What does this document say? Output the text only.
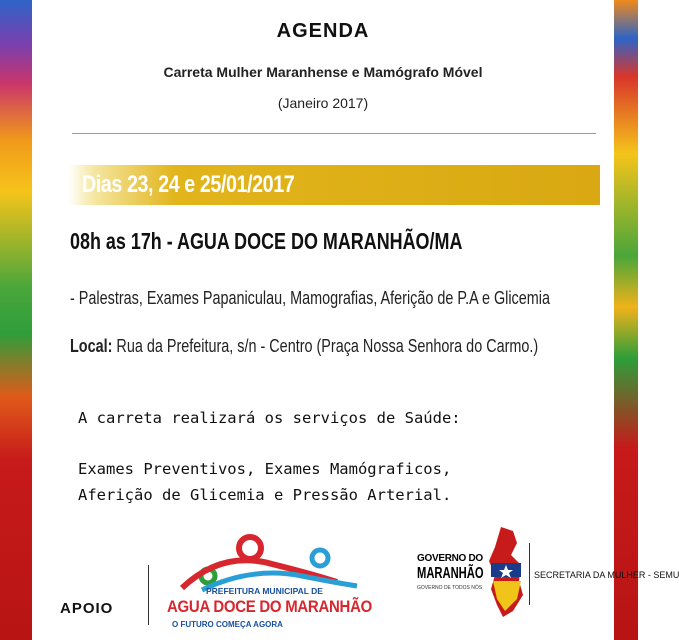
AGENDA
Carreta Mulher Maranhense e Mamógrafo Móvel
(Janeiro 2017)
Dias 23, 24 e 25/01/2017
08h as 17h - AGUA DOCE DO MARANHÃO/MA
- Palestras, Exames Papaniculau, Mamografias, Aferição de P.A e Glicemia
Local: Rua da Prefeitura, s/n - Centro (Praça Nossa Senhora do Carmo.)
A carreta realizará os serviços de Saúde:
Exames Preventivos, Exames Mamógraficos,
Aferição de Glicemia e Pressão Arterial.
APOIO
PREFEITURA MUNICIPAL DE
AGUA DOCE DO MARANHÃO
O FUTURO COMEÇA AGORA
GOVERNO DO
MARANHÃO
GOVERNO DE TODOS NÓS
SECRETARIA DA MULHER - SEMU
